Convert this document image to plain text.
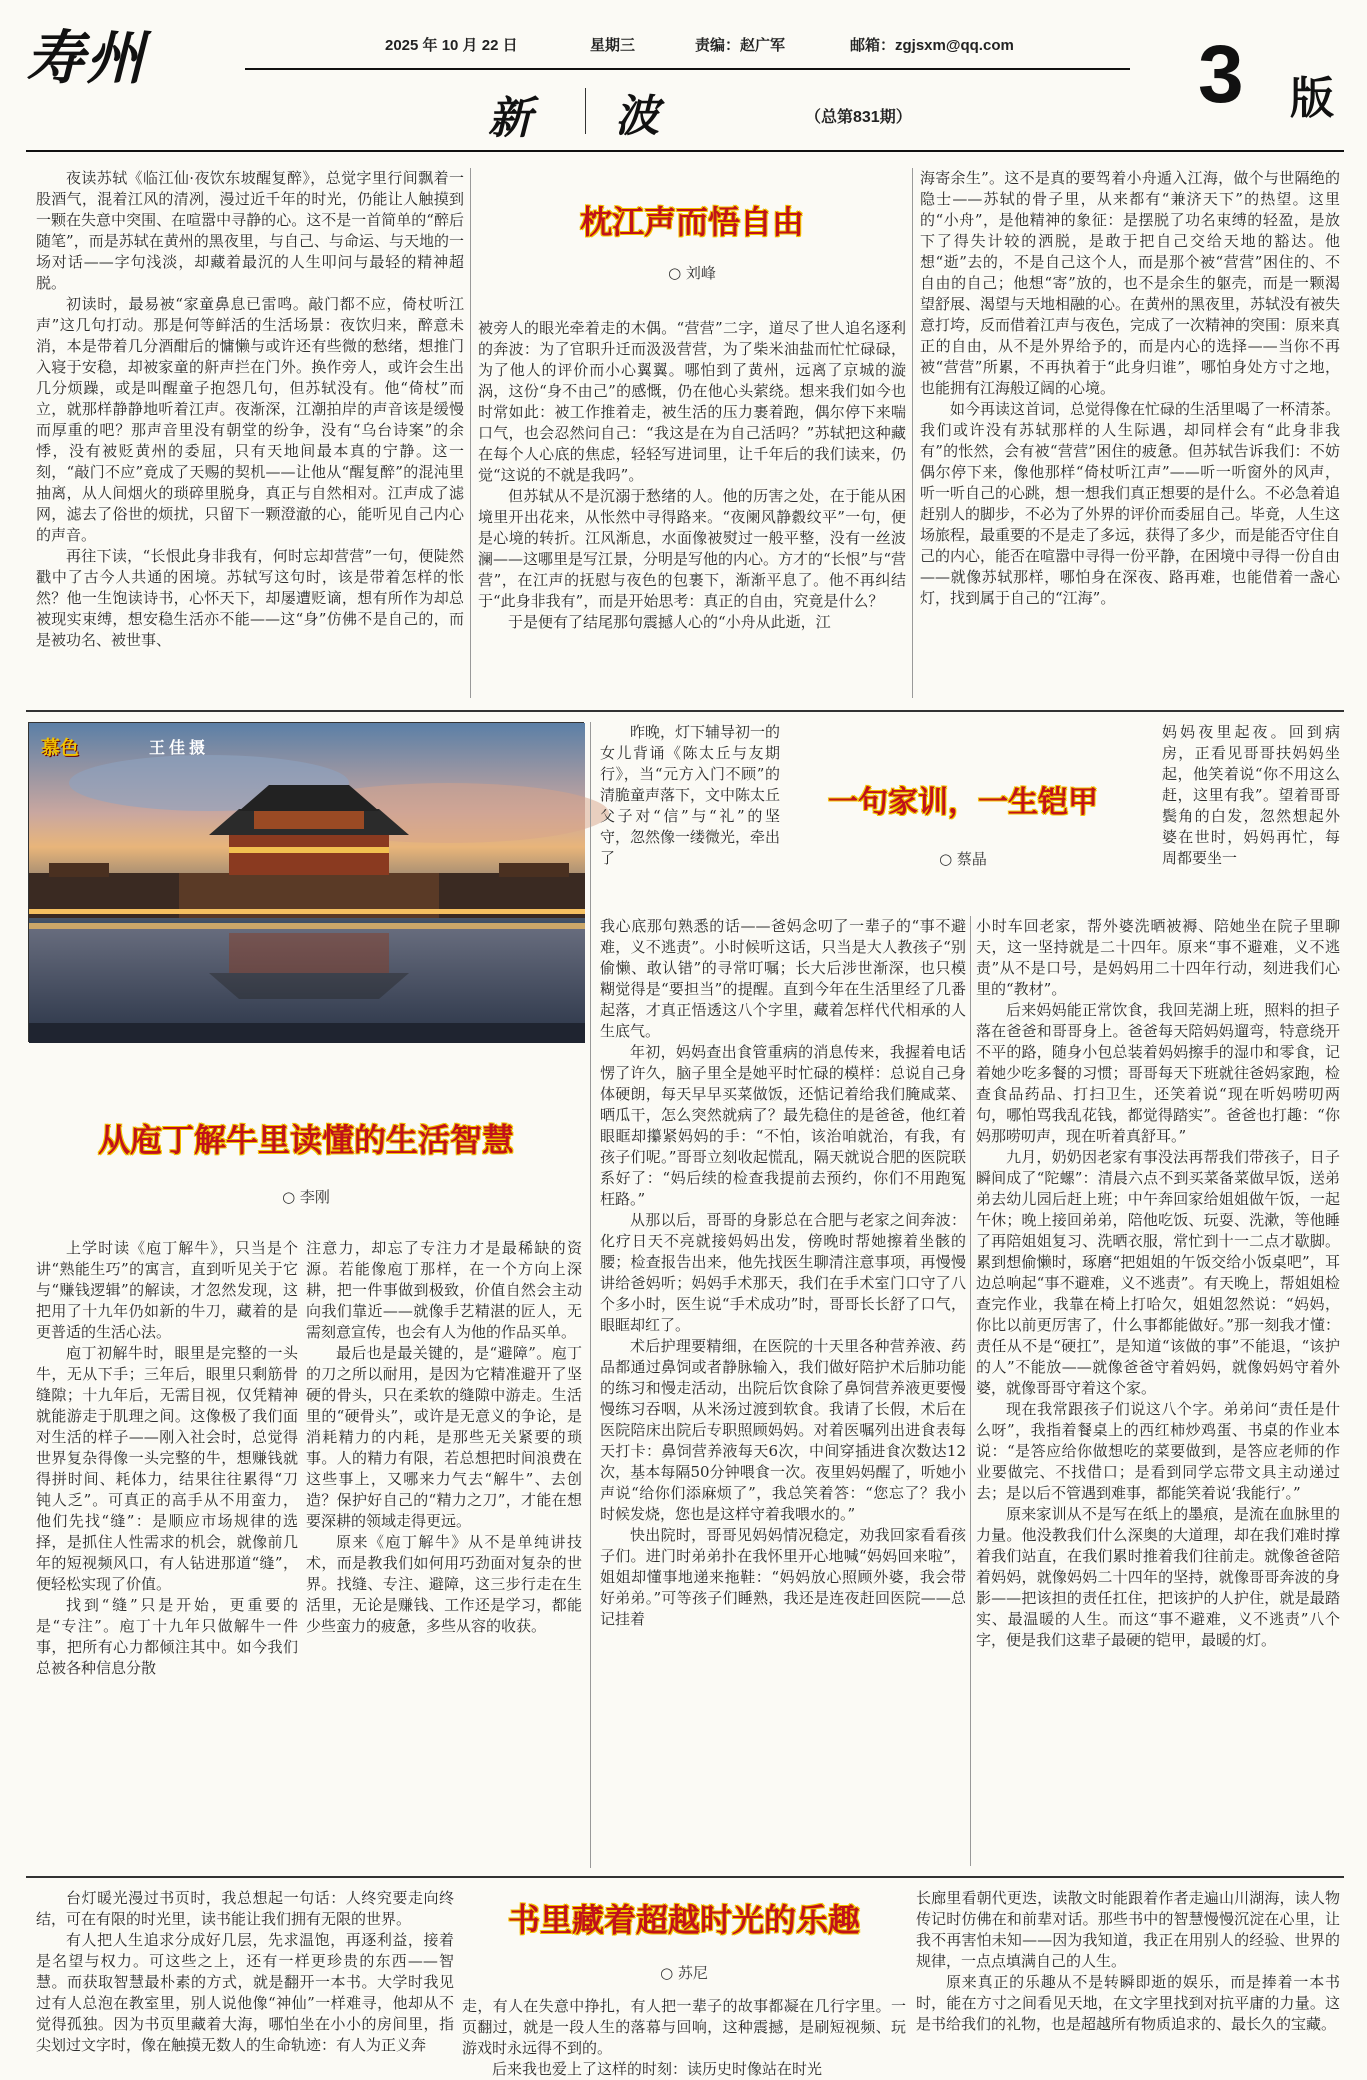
寿州	2025 年 10 月 22 日	星期三	责编：赵广军	邮箱：zgjsxm@qq.com
新 波	（总第831期）	3 版

夜读苏轼《临江仙·夜饮东坡醒复醉》，总觉字里行间飘着一股酒气，混着江风的清冽，漫过近千年的时光，仍能让人触摸到一颗在失意中突围、在喧嚣中寻静的心。这不是一首简单的“醉后随笔”，而是苏轼在黄州的黑夜里，与自己、与命运、与天地的一场对话——字句浅淡，却藏着最沉的人生叩问与最轻的精神超脱。

初读时，最易被“家童鼻息已雷鸣。敲门都不应，倚杖听江声”这几句打动。那是何等鲜活的生活场景：夜饮归来，醉意未消，本是带着几分酒酣后的慵懒与或许还有些微的愁绪，想推门入寝于安稳，却被家童的鼾声拦在门外。换作旁人，或许会生出几分烦躁，或是叫醒童子抱怨几句，但苏轼没有。他“倚杖”而立，就那样静静地听着江声。夜渐深，江潮拍岸的声音该是缓慢而厚重的吧？那声音里没有朝堂的纷争，没有“乌台诗案”的余悸，没有被贬黄州的委屈，只有天地间最本真的宁静。这一刻，“敲门不应”竟成了天赐的契机——让他从“醒复醉”的混沌里抽离，从人间烟火的琐碎里脱身，真正与自然相对。江声成了滤网，滤去了俗世的烦扰，只留下一颗澄澈的心，能听见自己内心的声音。

再往下读，“长恨此身非我有，何时忘却营营”一句，便陡然戳中了古今人共通的困境。苏轼写这句时，该是带着怎样的怅然？他一生饱读诗书，心怀天下，却屡遭贬谪，想有所作为却总被现实束缚，想安稳生活亦不能——这“身”仿佛不是自己的，而是被功名、被世事、

枕江声而悟自由
○ 刘峰

被旁人的眼光牵着走的木偶。“营营”二字，道尽了世人追名逐利的奔波：为了官职升迁而汲汲营营，为了柴米油盐而忙忙碌碌，为了他人的评价而小心翼翼。哪怕到了黄州，远离了京城的漩涡，这份“身不由己”的感慨，仍在他心头萦绕。想来我们如今也时常如此：被工作推着走，被生活的压力裹着跑，偶尔停下来喘口气，也会忍然问自己：“我这是在为自己活吗？”苏轼把这种藏在每个人心底的焦虑，轻轻写进词里，让千年后的我们读来，仍觉“这说的不就是我吗”。

但苏轼从不是沉溺于愁绪的人。他的历害之处，在于能从困境里开出花来，从怅然中寻得路来。“夜阑风静縠纹平”一句，便是心境的转折。江风渐息，水面像被熨过一般平整，没有一丝波澜——这哪里是写江景，分明是写他的内心。方才的“长恨”与“营营”，在江声的抚慰与夜色的包裹下，渐渐平息了。他不再纠结于“此身非我有”，而是开始思考：真正的自由，究竟是什么？

于是便有了结尾那句震撼人心的“小舟从此逝，江

海寄余生”。这不是真的要驾着小舟遁入江海，做个与世隔绝的隐士——苏轼的骨子里，从来都有“兼济天下”的热望。这里的“小舟”，是他精神的象征：是摆脱了功名束缚的轻盈，是放下了得失计较的洒脱，是敢于把自己交给天地的豁达。他想“逝”去的，不是自己这个人，而是那个被“营营”困住的、不自由的自己；他想“寄”放的，也不是余生的躯壳，而是一颗渴望舒展、渴望与天地相融的心。在黄州的黑夜里，苏轼没有被失意打垮，反而借着江声与夜色，完成了一次精神的突围：原来真正的自由，从不是外界给予的，而是内心的选择——当你不再被“营营”所累，不再执着于“此身归谁”，哪怕身处方寸之地，也能拥有江海般辽阔的心境。

如今再读这首词，总觉得像在忙碌的生活里喝了一杯清茶。我们或许没有苏轼那样的人生际遇，却同样会有“此身非我有”的怅然，会有被“营营”困住的疲惫。但苏轼告诉我们：不妨偶尔停下来，像他那样“倚杖听江声”——听一听窗外的风声，听一听自己的心跳，想一想我们真正想要的是什么。不必急着追赶别人的脚步，不必为了外界的评价而委屈自己。毕竟，人生这场旅程，最重要的不是走了多远，获得了多少，而是能否守住自己的内心，能否在喧嚣中寻得一份平静，在困境中寻得一份自由——就像苏轼那样，哪怕身在深夜、路再难，也能借着一盏心灯，找到属于自己的“江海”。

慕色	王佳摄
从庖丁解牛里读懂的生活智慧
○ 李刚

上学时读《庖丁解牛》，只当是个讲“熟能生巧”的寓言，直到听见关于它与“赚钱逻辑”的解读，才忽然发现，这把用了十九年仍如新的牛刀，藏着的是更普适的生活心法。

庖丁初解牛时，眼里是完整的一头牛，无从下手；三年后，眼里只剩筋骨缝隙；十九年后，无需目视，仅凭精神就能游走于肌理之间。这像极了我们面对生活的样子——刚入社会时，总觉得世界复杂得像一头完整的牛，想赚钱就得拼时间、耗体力，结果往往累得“刀钝人乏”。可真正的高手从不用蛮力，他们先找“缝”：是顺应市场规律的选择，是抓住人性需求的机会，就像前几年的短视频风口，有人钻进那道“缝”，便轻松实现了价值。

找到“缝”只是开始，更重要的是“专注”。庖丁十九年只做解牛一件事，把所有心力都倾注其中。如今我们总被各种信息分散

注意力，却忘了专注力才是最稀缺的资源。若能像庖丁那样，在一个方向上深耕，把一件事做到极致，价值自然会主动向我们靠近——就像手艺精湛的匠人，无需刻意宣传，也会有人为他的作品买单。

最后也是最关键的，是“避障”。庖丁的刀之所以耐用，是因为它精准避开了坚硬的骨头，只在柔软的缝隙中游走。生活里的“硬骨头”，或许是无意义的争论，是消耗精力的内耗，是那些无关紧要的琐事。人的精力有限，若总想把时间浪费在这些事上，又哪来力气去“解牛”、去创造？保护好自己的“精力之刀”，才能在想要深耕的领域走得更远。

原来《庖丁解牛》从不是单纯讲技术，而是教我们如何用巧劲面对复杂的世界。找缝、专注、避障，这三步行走在生活里，无论是赚钱、工作还是学习，都能少些蛮力的疲惫，多些从容的收获。

昨晚，灯下辅导初一的女儿背诵《陈太丘与友期行》，当“元方入门不顾”的清脆童声落下，文中陈太丘父子对“信”与“礼”的坚守，忽然像一缕微光，牵出了

一句家训，一生铠甲
○ 蔡晶

妈妈夜里起夜。回到病房，正看见哥哥扶妈妈坐起，他笑着说“你不用这么赶，这里有我”。望着哥哥鬓角的白发，忽然想起外婆在世时，妈妈再忙，每周都要坐一

我心底那句熟悉的话——爸妈念叨了一辈子的“事不避难，义不逃责”。小时候听这话，只当是大人教孩子“别偷懒、敢认错”的寻常叮嘱；长大后涉世渐深，也只模糊觉得是“要担当”的提醒。直到今年在生活里经了几番起落，才真正悟透这八个字里，藏着怎样代代相承的人生底气。

年初，妈妈查出食管重病的消息传来，我握着电话愣了许久，脑子里全是她平时忙碌的模样：总说自己身体硬朗，每天早早买菜做饭，还惦记着给我们腌咸菜、晒瓜干，怎么突然就病了？最先稳住的是爸爸，他红着眼眶却攥紧妈妈的手：“不怕，该治咱就治，有我，有孩子们呢。”哥哥立刻收起慌乱，隔天就说合肥的医院联系好了：“妈后续的检查我提前去预约，你们不用跑冤枉路。”

从那以后，哥哥的身影总在合肥与老家之间奔波：化疗日天不亮就接妈妈出发，傍晚时帮她擦着坐骸的腰；检查报告出来，他先找医生聊清注意事项，再慢慢讲给爸妈听；妈妈手术那天，我们在手术室门口守了八个多小时，医生说“手术成功”时，哥哥长长舒了口气，眼眶却红了。

术后护理要精细，在医院的十天里各种营养液、药品都通过鼻饲或者静脉输入，我们做好陪护术后肺功能的练习和慢走活动，出院后饮食除了鼻饲营养液更要慢慢练习吞咽，从米汤过渡到软食。我请了长假，术后在医院陪床出院后专职照顾妈妈。对着医嘱列出进食表每天打卡：鼻饲营养液每天6次，中间穿插进食次数达12次，基本每隔50分钟喂食一次。夜里妈妈醒了，听她小声说“给你们添麻烦了”，我总笑着答：“您忘了？我小时候发烧，您也是这样守着我喂水的。”

快出院时，哥哥见妈妈情况稳定，劝我回家看看孩子们。进门时弟弟扑在我怀里开心地喊“妈妈回来啦”，姐姐却懂事地递来拖鞋：“妈妈放心照顾外婆，我会带好弟弟。”可等孩子们睡熟，我还是连夜赶回医院——总记挂着

小时车回老家，帮外婆洗晒被褥、陪她坐在院子里聊天，这一坚持就是二十四年。原来“事不避难，义不逃责”从不是口号，是妈妈用二十四年行动，刻进我们心里的“教材”。

后来妈妈能正常饮食，我回芜湖上班，照料的担子落在爸爸和哥哥身上。爸爸每天陪妈妈遛弯，特意绕开不平的路，随身小包总装着妈妈擦手的湿巾和零食，记着她少吃多餐的习惯；哥哥每天下班就往爸妈家跑，检查食品药品、打扫卫生，还笑着说“现在听妈唠叨两句，哪怕骂我乱花钱，都觉得踏实”。爸爸也打趣：“你妈那唠叨声，现在听着真舒耳。”

九月，奶奶因老家有事没法再帮我们带孩子，日子瞬间成了“陀螺”：清晨六点不到买菜备菜做早饭，送弟弟去幼儿园后赶上班；中午奔回家给姐姐做午饭，一起午休；晚上接回弟弟，陪他吃饭、玩耍、洗漱，等他睡了再陪姐姐复习、洗晒衣服，常忙到十一二点才歇脚。累到想偷懒时，琢磨“把姐姐的午饭交给小饭桌吧”，耳边总响起“事不避难，义不逃责”。有天晚上，帮姐姐检查完作业，我靠在椅上打哈欠，姐姐忽然说：“妈妈，你比以前更厉害了，什么事都能做好。”那一刻我才懂：责任从不是“硬扛”，是知道“该做的事”不能退，“该护的人”不能放——就像爸爸守着妈妈，就像妈妈守着外婆，就像哥哥守着这个家。

现在我常跟孩子们说这八个字。弟弟问“责任是什么呀”，我指着餐桌上的西红柿炒鸡蛋、书桌的作业本说：“是答应给你做想吃的菜要做到，是答应老师的作业要做完、不找借口；是看到同学忘带文具主动递过去；是以后不管遇到难事，都能笑着说‘我能行’。”

原来家训从不是写在纸上的墨痕，是流在血脉里的力量。他没教我们什么深奥的大道理，却在我们难时撑着我们站直，在我们累时推着我们往前走。就像爸爸陪着妈妈，就像妈妈二十四年的坚持，就像哥哥奔波的身影——把该担的责任扛住，把该护的人护住，就是最踏实、最温暖的人生。而这“事不避难，义不逃责”八个字，便是我们这辈子最硬的铠甲，最暖的灯。

台灯暖光漫过书页时，我总想起一句话：人终究要走向终结，可在有限的时光里，读书能让我们拥有无限的世界。

有人把人生追求分成好几层，先求温饱，再逐利益，接着是名望与权力。可这些之上，还有一样更珍贵的东西——智慧。而获取智慧最朴素的方式，就是翻开一本书。大学时我见过有人总泡在教室里，别人说他像“神仙”一样难寻，他却从不觉得孤独。因为书页里藏着大海，哪怕坐在小小的房间里，指尖划过文字时，像在触摸无数人的生命轨迹：有人为正义奔

书里藏着超越时光的乐趣
○ 苏尼

走，有人在失意中挣扎，有人把一辈子的故事都凝在几行字里。一页翻过，就是一段人生的落幕与回响，这种震撼，是刷短视频、玩游戏时永远得不到的。

后来我也爱上了这样的时刻：读历史时像站在时光

长廊里看朝代更迭，读散文时能跟着作者走遍山川湖海，读人物传记时仿佛在和前辈对话。那些书中的智慧慢慢沉淀在心里，让我不再害怕未知——因为我知道，我正在用别人的经验、世界的规律，一点点填满自己的人生。

原来真正的乐趣从不是转瞬即逝的娱乐，而是捧着一本书时，能在方寸之间看见天地，在文字里找到对抗平庸的力量。这是书给我们的礼物，也是超越所有物质追求的、最长久的宝藏。
